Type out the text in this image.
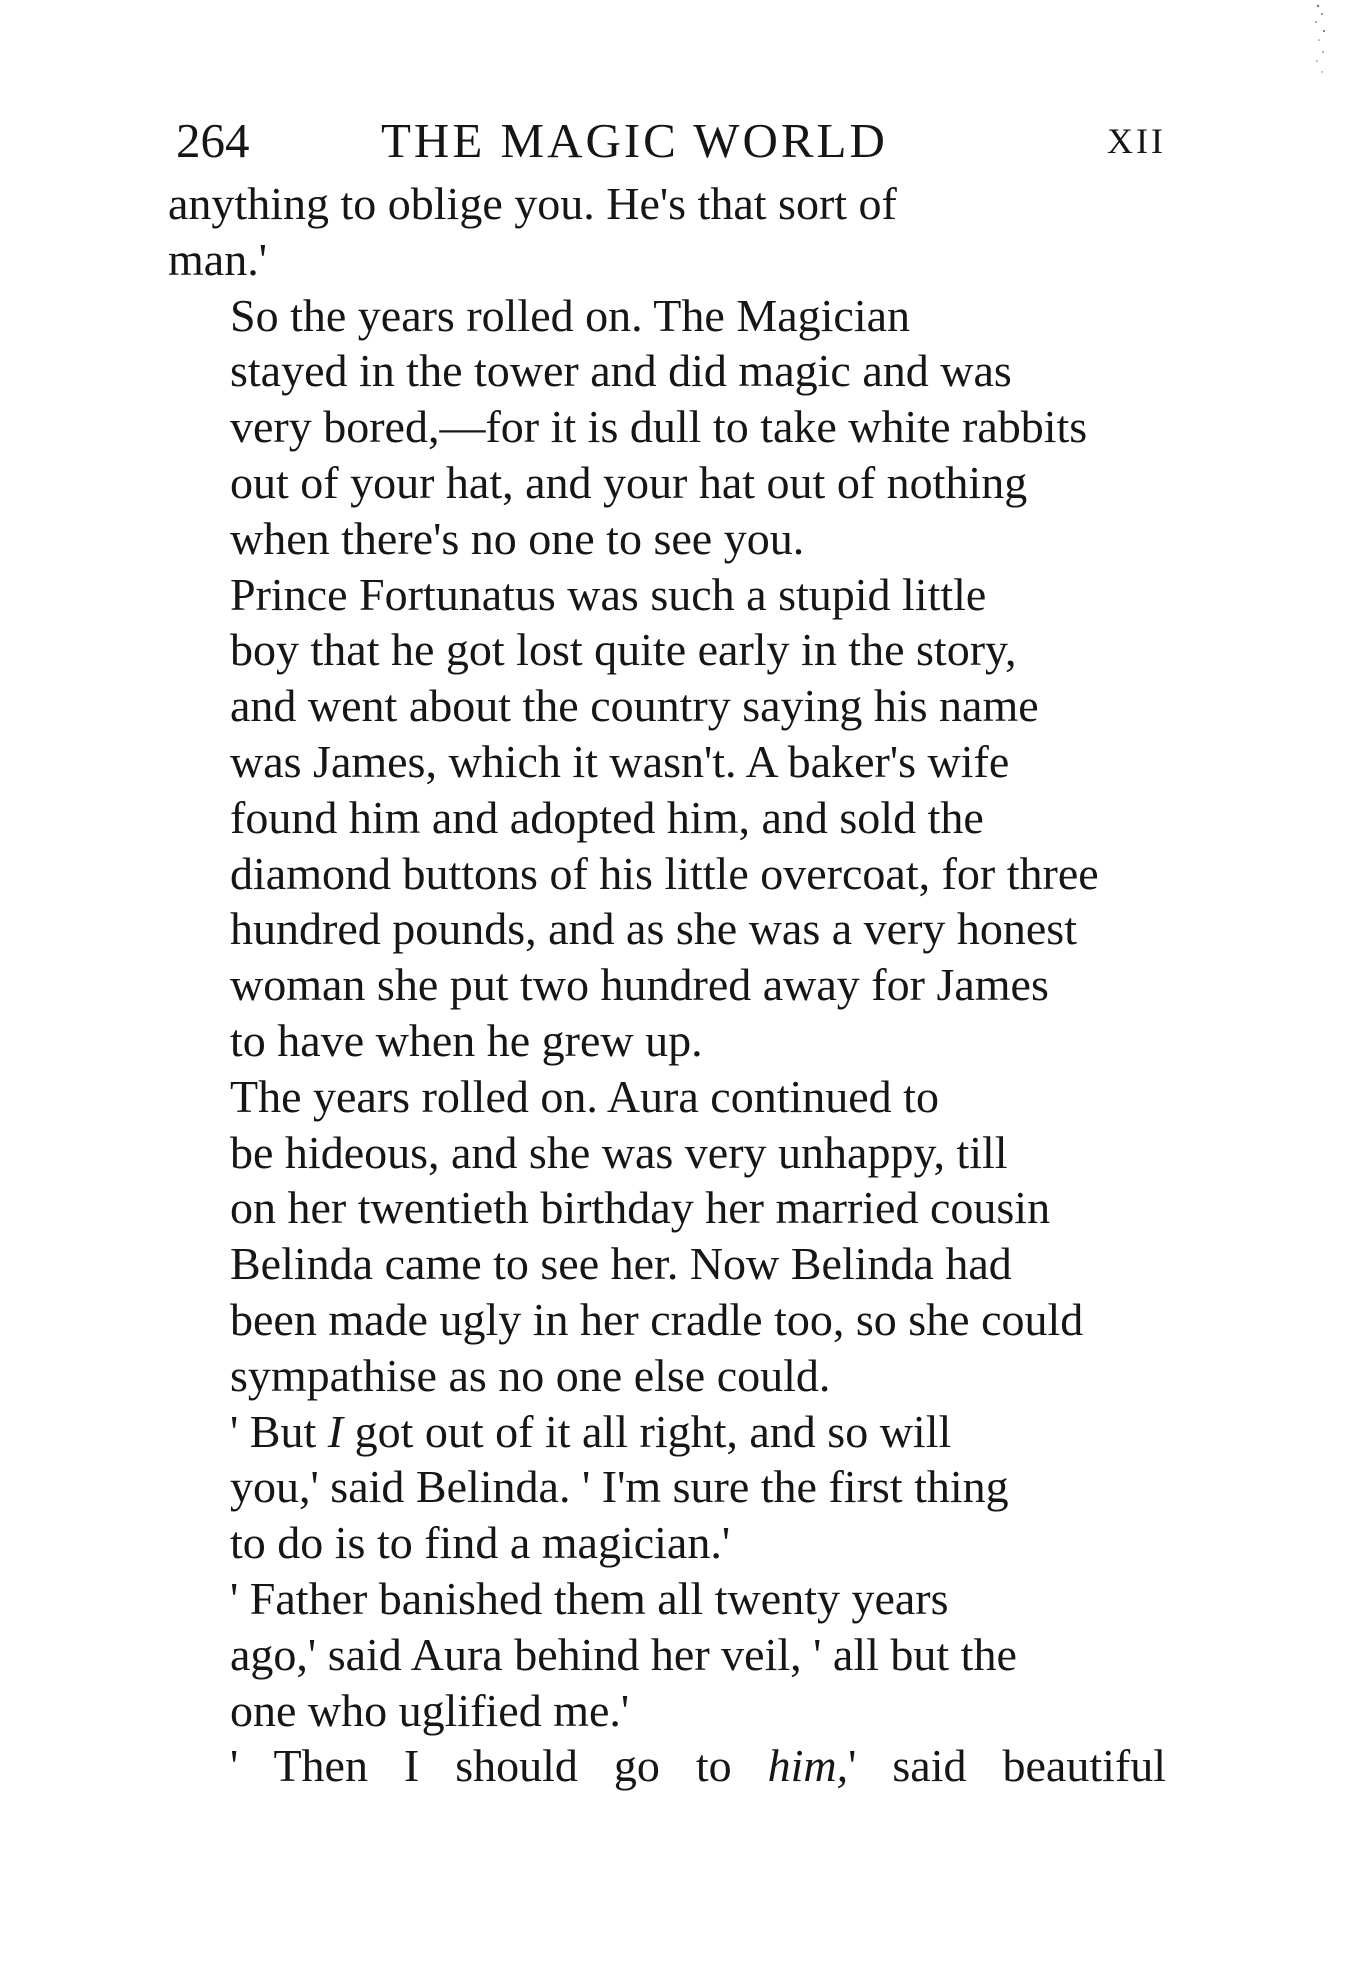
264	THE MAGIC WORLD	XII

anything to oblige you. He's that sort of
man.'

So the years rolled on. The Magician
stayed in the tower and did magic and was
very bored,—for it is dull to take white rabbits
out of your hat, and your hat out of nothing
when there's no one to see you.

Prince Fortunatus was such a stupid little
boy that he got lost quite early in the story,
and went about the country saying his name
was James, which it wasn't. A baker's wife
found him and adopted him, and sold the
diamond buttons of his little overcoat, for three
hundred pounds, and as she was a very honest
woman she put two hundred away for James
to have when he grew up.

The years rolled on. Aura continued to
be hideous, and she was very unhappy, till
on her twentieth birthday her married cousin
Belinda came to see her. Now Belinda had
been made ugly in her cradle too, so she could
sympathise as no one else could.

' But I got out of it all right, and so will
you,' said Belinda. ' I'm sure the first thing
to do is to find a magician.'

' Father banished them all twenty years
ago,' said Aura behind her veil, ' all but the
one who uglified me.'

' Then I should go to him,' said beautiful
